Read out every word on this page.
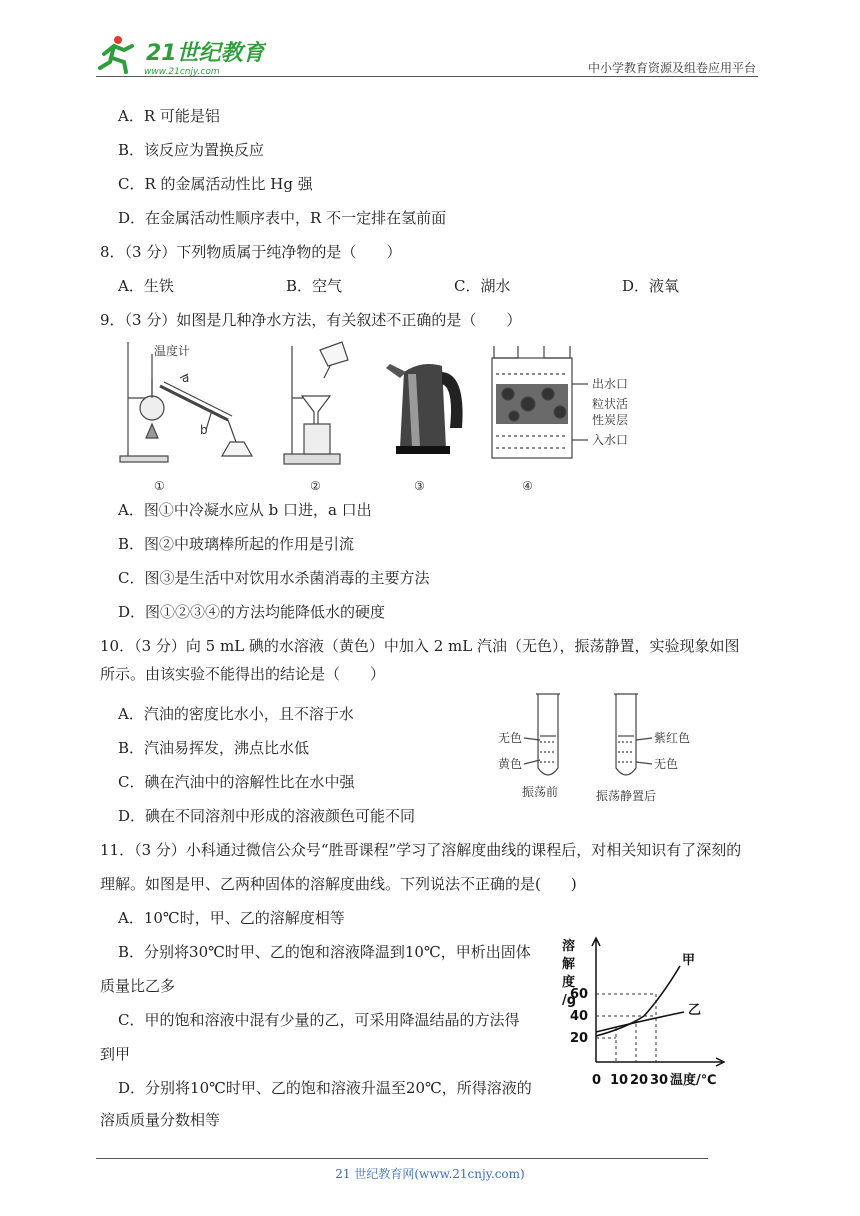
21世纪教育
www.21cnjy.com	中小学教育资源及组卷应用平台
A．R 可能是铝
B．该反应为置换反应
C．R 的金属活动性比 Hg 强
D．在金属活动性顺序表中，R 不一定排在氢前面
8．（3 分）下列物质属于纯净物的是（　　）
A．生铁	B．空气	C．湖水	D．液氧
9．（3 分）如图是几种净水方法，有关叙述不正确的是（　　）
温度计
a
b
①	②	③
出水口
粒状活
性炭层
入水口
④
A．图①中冷凝水应从 b 口进，a 口出
B．图②中玻璃棒所起的作用是引流
C．图③是生活中对饮用水杀菌消毒的主要方法
D．图①②③④的方法均能降低水的硬度
10．（3 分）向 5 mL 碘的水溶液（黄色）中加入 2 mL 汽油（无色），振荡静置，实验现象如图
所示。由该实验不能得出的结论是（　　）
A．汽油的密度比水小，且不溶于水
B．汽油易挥发，沸点比水低
C．碘在汽油中的溶解性比在水中强
D．碘在不同溶剂中形成的溶液颜色可能不同
无色
黄色
振荡前
紫红色
无色
振荡静置后
11．（3 分）小科通过微信公众号“胜哥课程”学习了溶解度曲线的课程后，对相关知识有了深刻的
理解。如图是甲、乙两种固体的溶解度曲线。下列说法不正确的是(　　)
A．10℃时，甲、乙的溶解度相等
B．分别将30℃时甲、乙的饱和溶液降温到10℃，甲析出固体
质量比乙多
C．甲的饱和溶液中混有少量的乙，可采用降温结晶的方法得
到甲
D．分别将10℃时甲、乙的饱和溶液升温至20℃，所得溶液的
溶质质量分数相等
溶
解
度
/g
60
40
20
0 10 20 30 温度/℃
甲
乙
21 世纪教育网(www.21cnjy.com)
